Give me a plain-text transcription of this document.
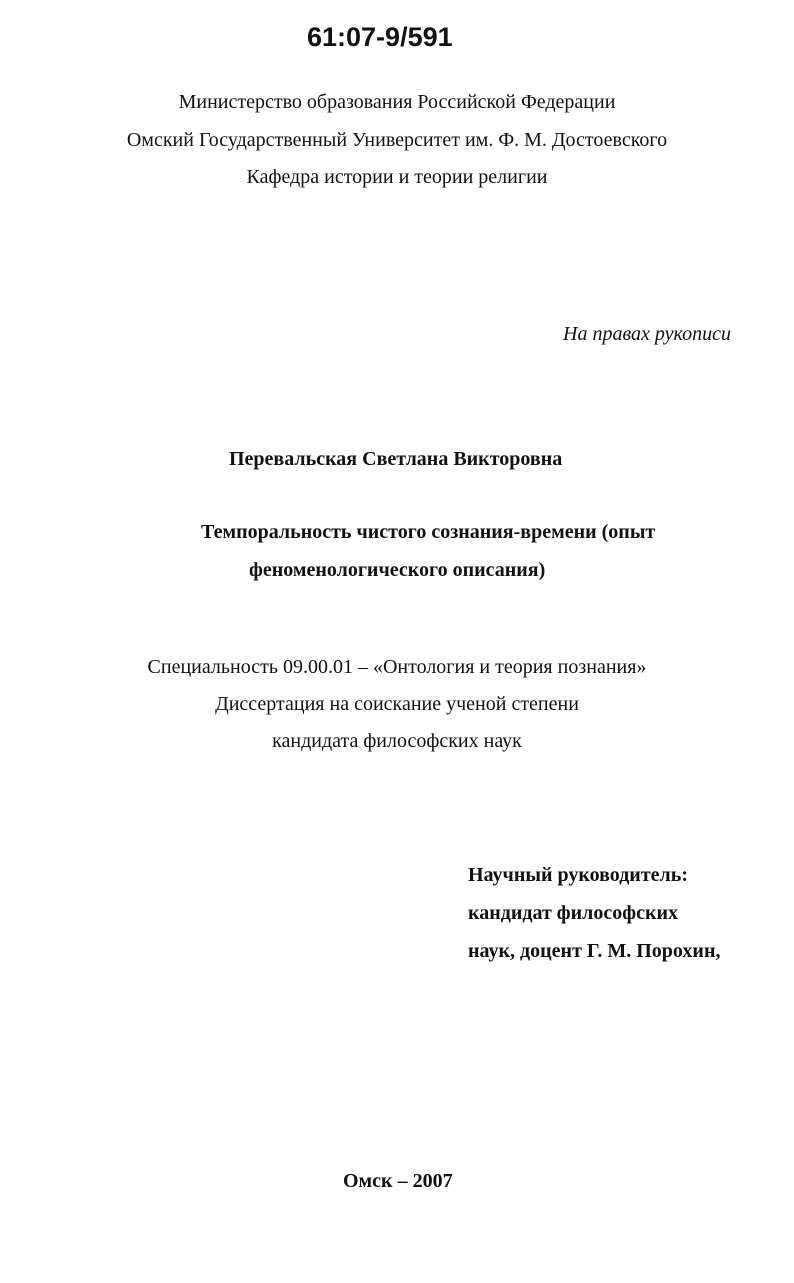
61:07-9/591
Министерство образования Российской Федерации
Омский Государственный Университет им. Ф. М. Достоевского
Кафедра истории и теории религии
На правах рукописи
Перевальская Светлана Викторовна
Темпоральность чистого сознания-времени (опыт
феноменологического описания)
Специальность 09.00.01 – «Онтология и теория познания»
Диссертация на соискание ученой степени
кандидата философских наук
Научный руководитель:
кандидат философских
наук, доцент Г. М. Порохин,
Омск – 2007
